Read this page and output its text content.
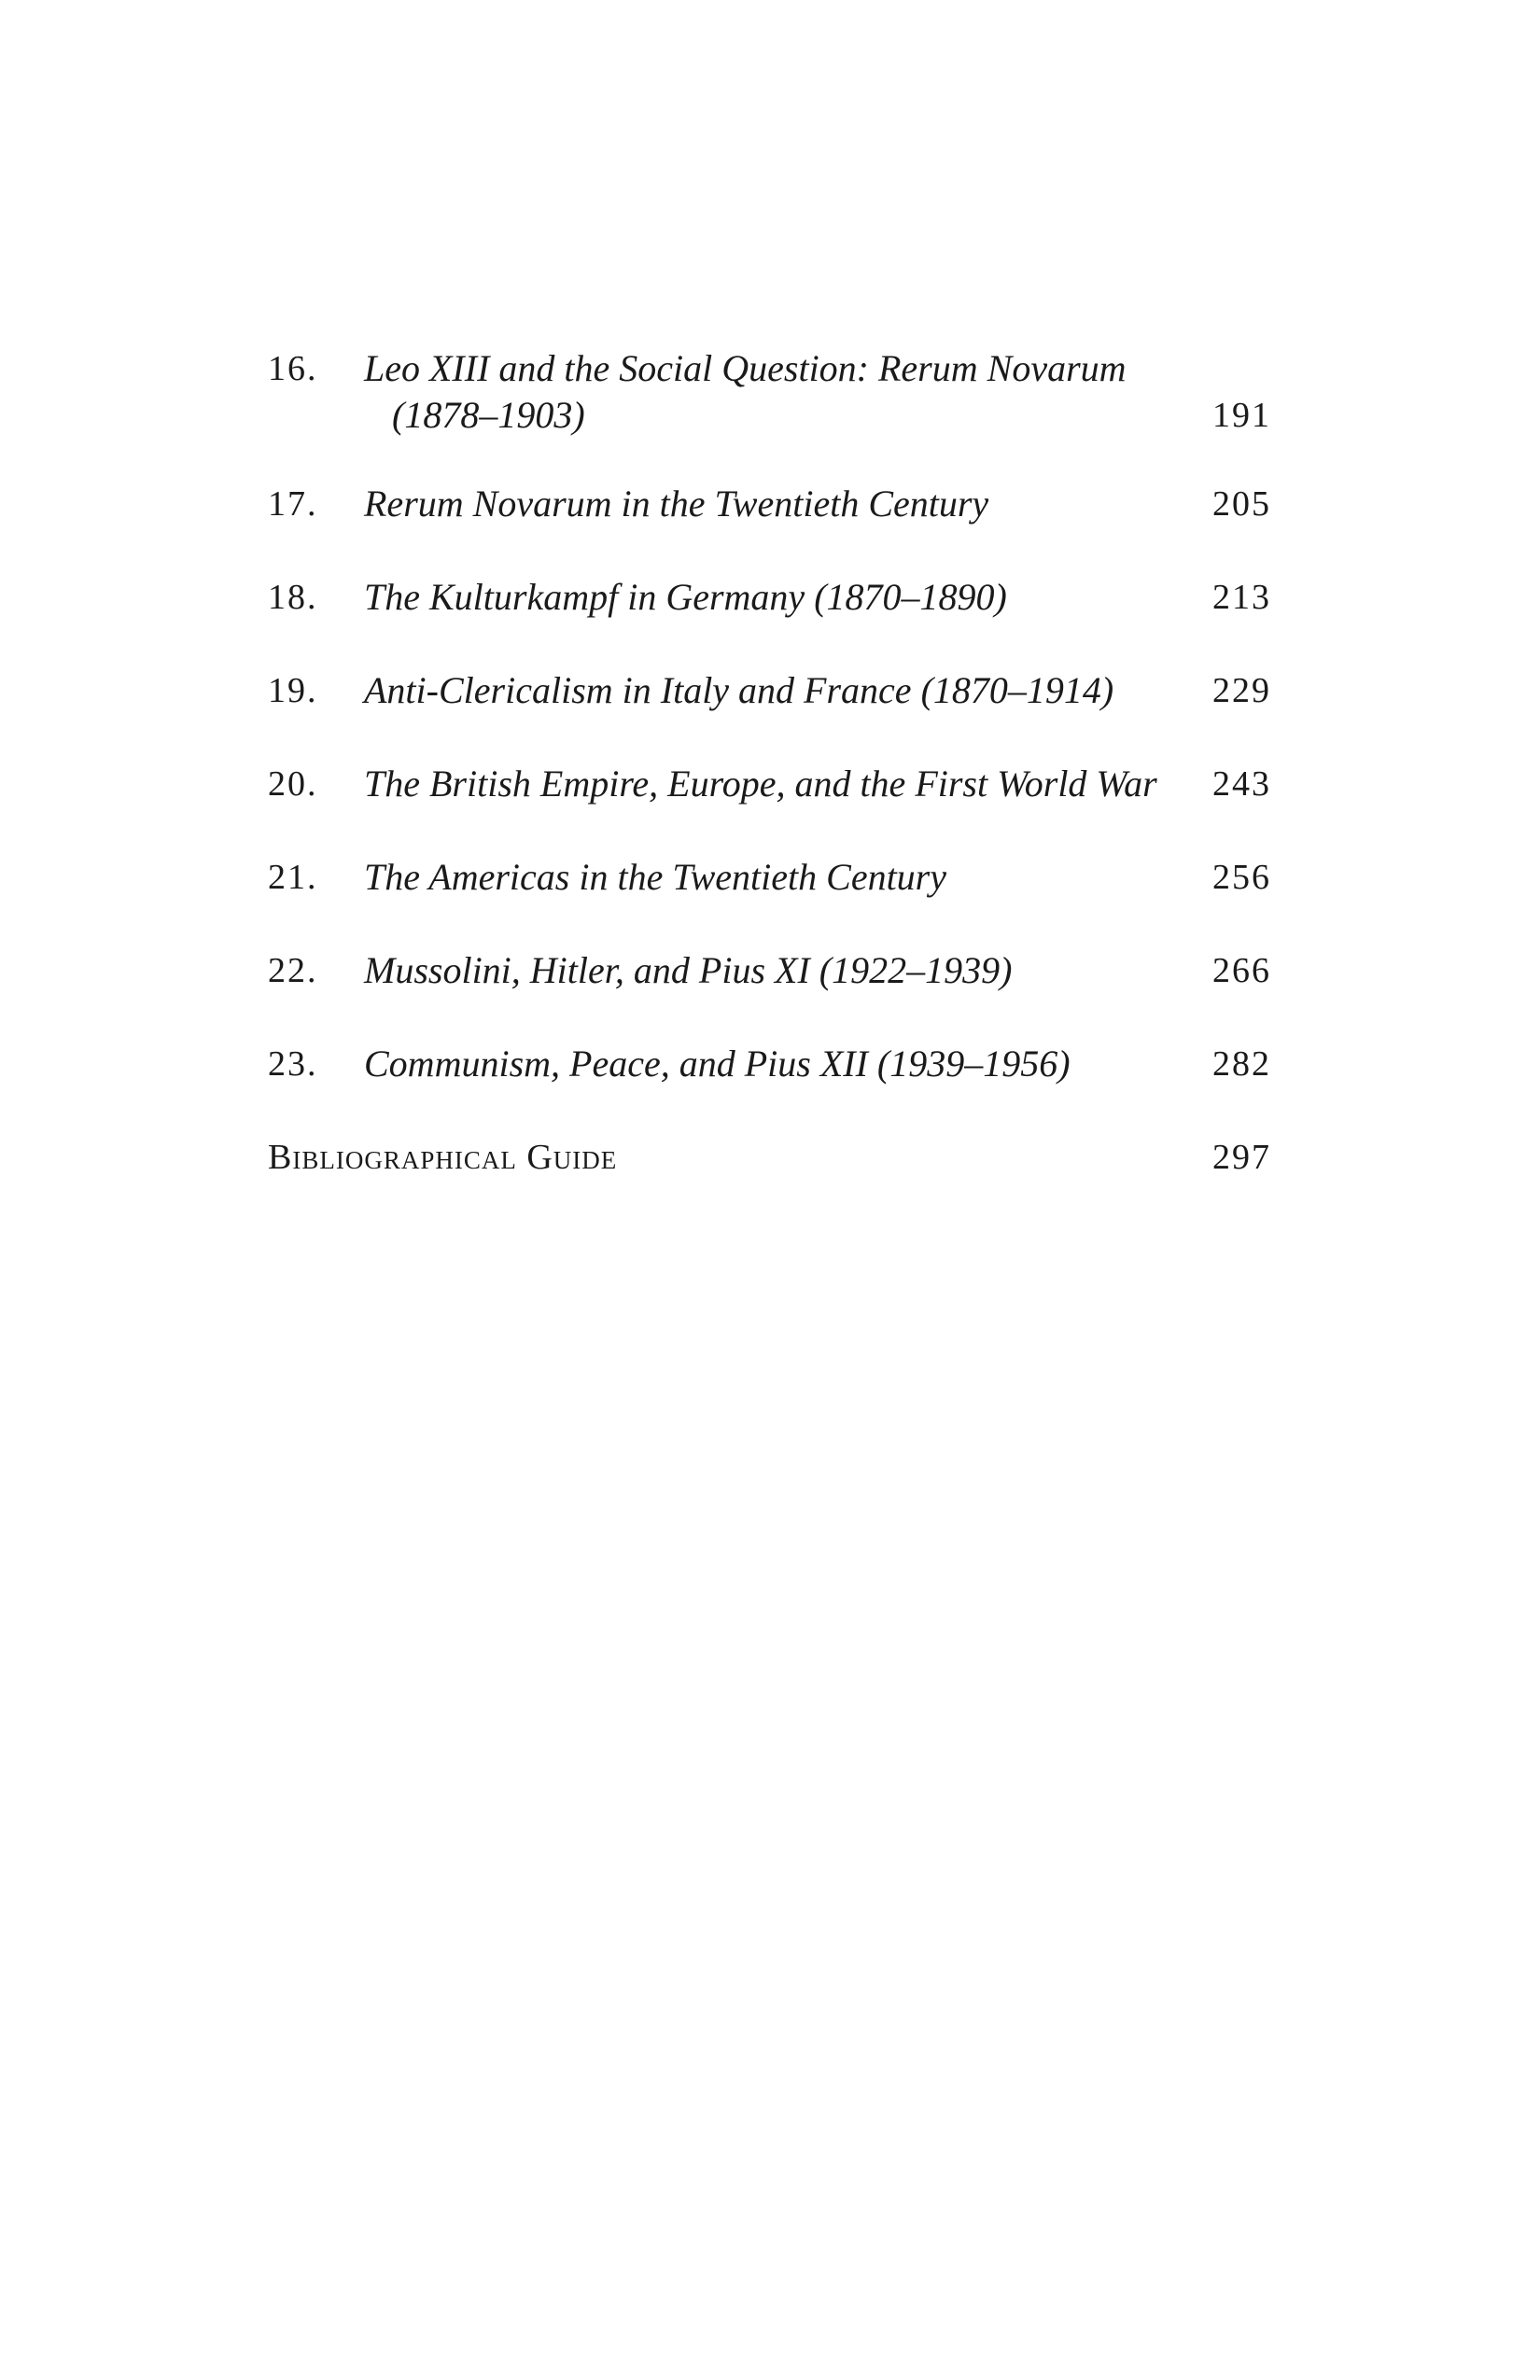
16. Leo XIII and the Social Question: Rerum Novarum
(1878–1903)	191
17. Rerum Novarum in the Twentieth Century	205
18. The Kulturkampf in Germany (1870–1890)	213
19. Anti-Clericalism in Italy and France (1870–1914)	229
20. The British Empire, Europe, and the First World War	243
21. The Americas in the Twentieth Century	256
22. Mussolini, Hitler, and Pius XI (1922–1939)	266
23. Communism, Peace, and Pius XII (1939–1956)	282
Bibliographical Guide	297
